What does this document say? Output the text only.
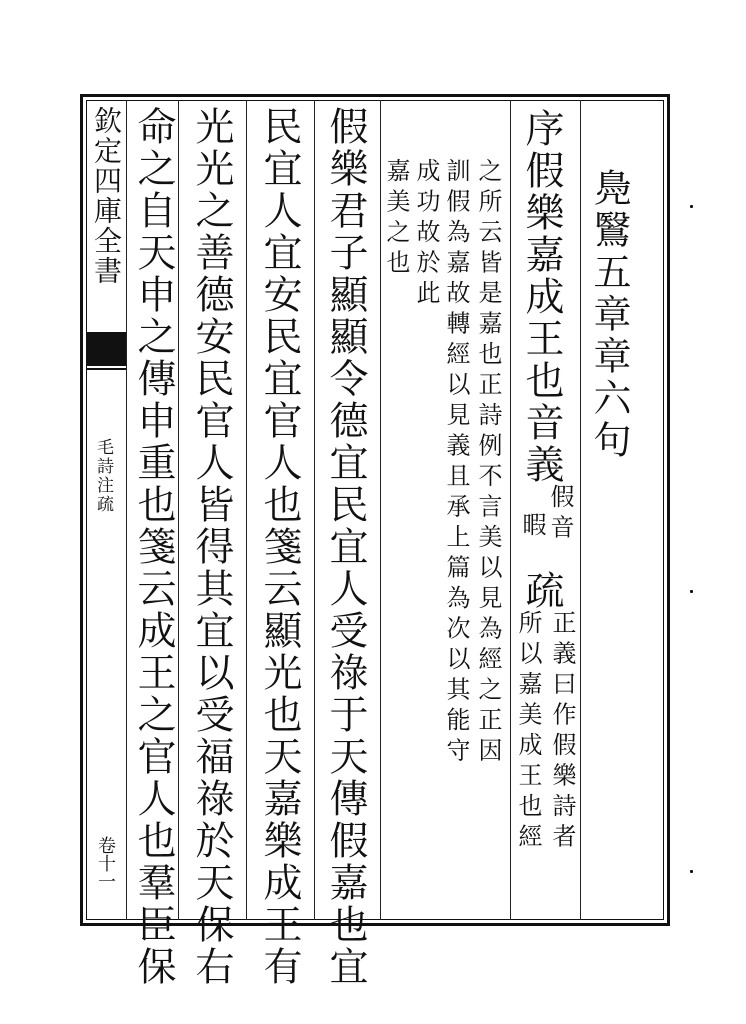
欽定四庫全書
毛詩注疏
卷十一
鳧鷖五章章六句
序假樂嘉成王也音義
假音
暇
疏
正義曰作假樂詩者
所以嘉美成王也經
之所云皆是嘉也正詩例不言美以見為經之正因
訓假為嘉故轉經以見義且承上篇為次以其能守
成功故於此
嘉美之也
假樂君子顯顯令德宜民宜人受祿于天傳假嘉也宜
民宜人宜安民宜官人也箋云顯光也天嘉樂成王有
光光之善德安民官人皆得其宜以受福祿於天保右
命之自天申之傳申重也箋云成王之官人也羣臣保
